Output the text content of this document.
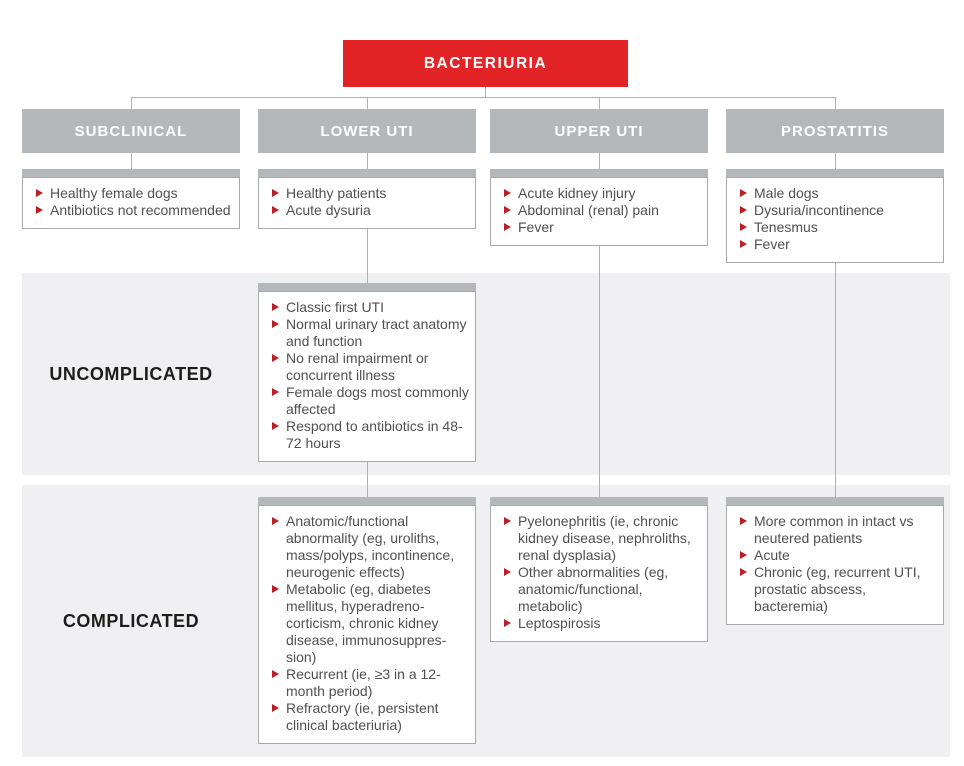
UNCOMPLICATED
COMPLICATED
BACTERIURIA
SUBCLINICAL	LOWER UTI	UPPER UTI	PROSTATITIS
Healthy female dogs
Antibiotics not recommended
Healthy patients
Acute dysuria
Acute kidney injury
Abdominal (renal) pain
Fever
Male dogs
Dysuria/incontinence
Tenesmus
Fever
Classic first UTI
Normal urinary tract anatomy and function
No renal impairment or concurrent illness
Female dogs most commonly affected
Respond to antibiotics in 48-72 hours
Anatomic/functional abnormality (eg, uroliths, mass/polyps, incontinence, neurogenic effects)
Metabolic (eg, diabetes mellitus, hyperadreno-corticism, chronic kidney disease, immunosuppres-sion)
Recurrent (ie, ≥3 in a 12-month period)
Refractory (ie, persistent clinical bacteriuria)
Pyelonephritis (ie, chronic kidney disease, nephroliths, renal dysplasia)
Other abnormalities (eg, anatomic/functional, metabolic)
Leptospirosis
More common in intact vs neutered patients
Acute
Chronic (eg, recurrent UTI, prostatic abscess, bacteremia)
